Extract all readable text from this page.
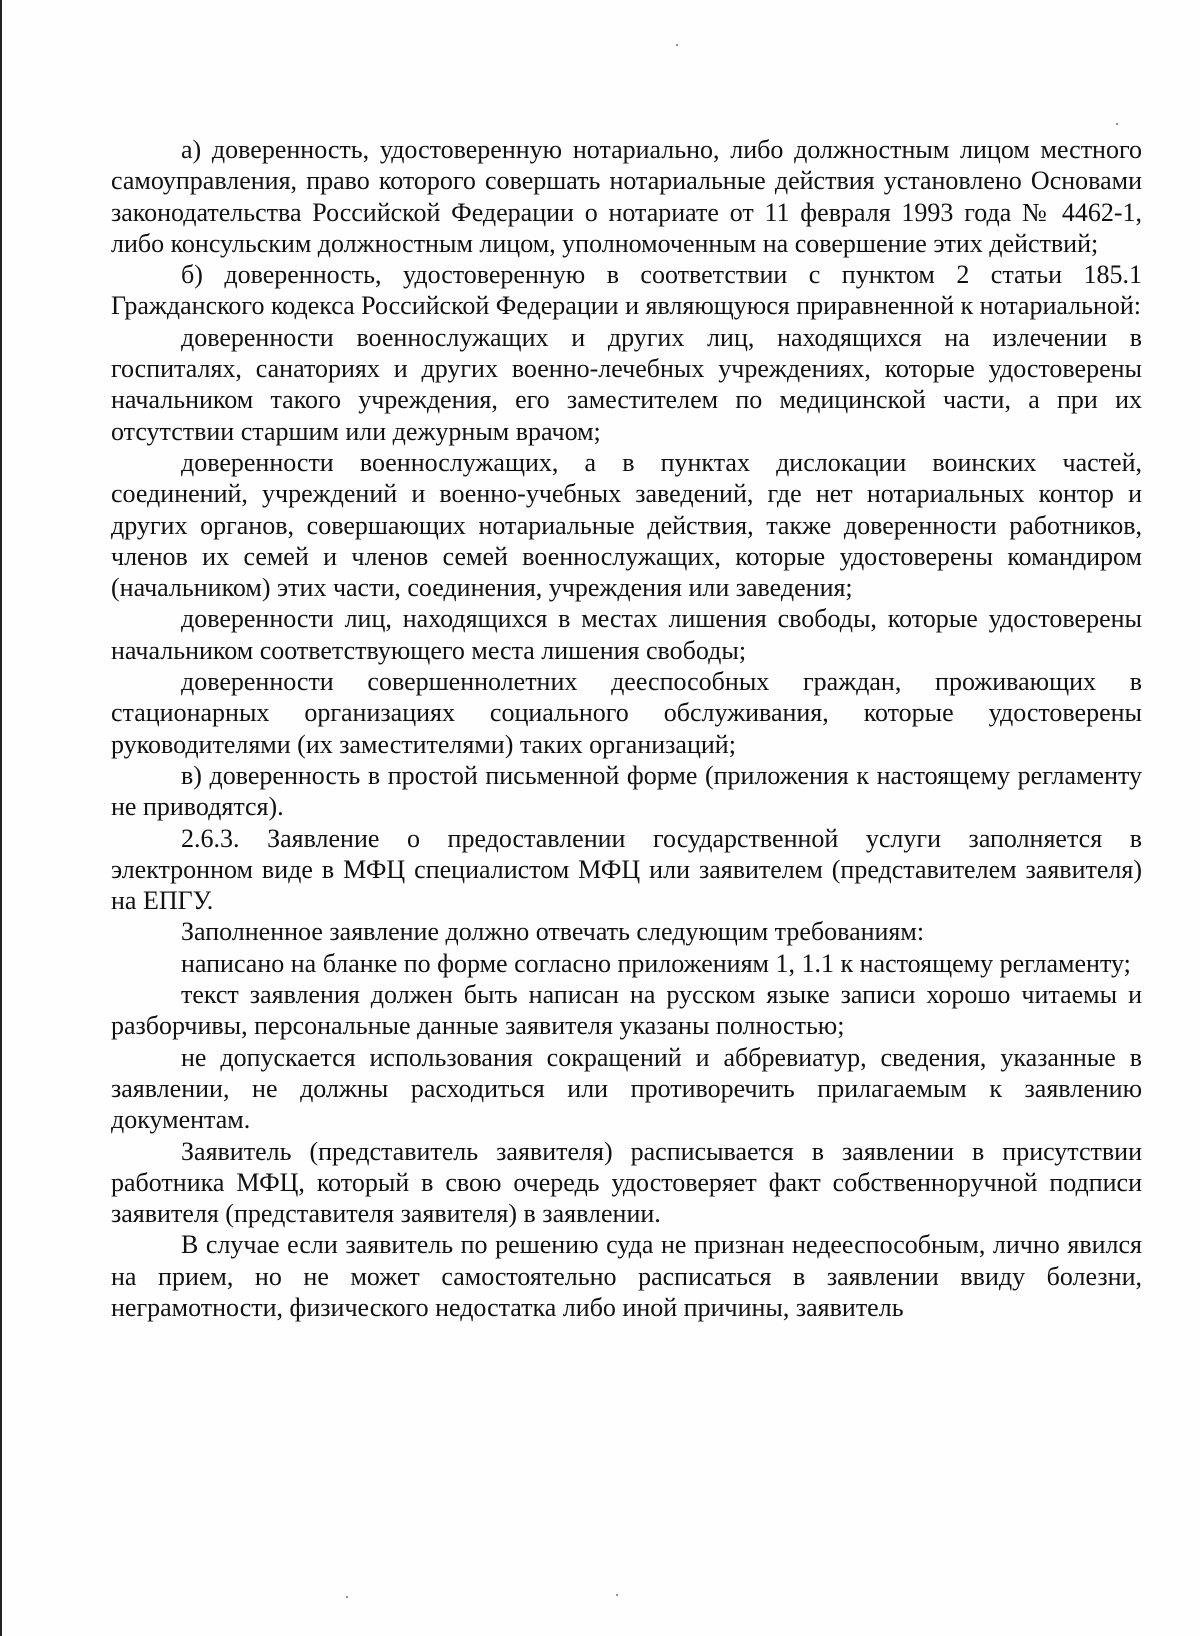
а) доверенность, удостоверенную нотариально, либо должностным лицом местного самоуправления, право которого совершать нотариальные действия установлено Основами законодательства Российской Федерации о нотариате от 11 февраля 1993 года № 4462-1, либо консульским должностным лицом, уполномоченным на совершение этих действий;

б) доверенность, удостоверенную в соответствии с пунктом 2 статьи 185.1 Гражданского кодекса Российской Федерации и являющуюся приравненной к нотариальной:

доверенности военнослужащих и других лиц, находящихся на излечении в госпиталях, санаториях и других военно-лечебных учреждениях, которые удостоверены начальником такого учреждения, его заместителем по медицинской части, а при их отсутствии старшим или дежурным врачом;

доверенности военнослужащих, а в пунктах дислокации воинских частей, соединений, учреждений и военно-учебных заведений, где нет нотариальных контор и других органов, совершающих нотариальные действия, также доверенности работников, членов их семей и членов семей военнослужащих, которые удостоверены командиром (начальником) этих части, соединения, учреждения или заведения;

доверенности лиц, находящихся в местах лишения свободы, которые удостоверены начальником соответствующего места лишения свободы;

доверенности совершеннолетних дееспособных граждан, проживающих в стационарных организациях социального обслуживания, которые удостоверены руководителями (их заместителями) таких организаций;

в) доверенность в простой письменной форме (приложения к настоящему регламенту не приводятся).

2.6.3. Заявление о предоставлении государственной услуги заполняется в электронном виде в МФЦ специалистом МФЦ или заявителем (представителем заявителя) на ЕПГУ.

Заполненное заявление должно отвечать следующим требованиям:

написано на бланке по форме согласно приложениям 1, 1.1 к настоящему регламенту;

текст заявления должен быть написан на русском языке записи хорошо читаемы и разборчивы, персональные данные заявителя указаны полностью;

не допускается использования сокращений и аббревиатур, сведения, указанные в заявлении, не должны расходиться или противоречить прилагаемым к заявлению документам.

Заявитель (представитель заявителя) расписывается в заявлении в присутствии работника МФЦ, который в свою очередь удостоверяет факт собственноручной подписи заявителя (представителя заявителя) в заявлении.

В случае если заявитель по решению суда не признан недееспособным, лично явился на прием, но не может самостоятельно расписаться в заявлении ввиду болезни, неграмотности, физического недостатка либо иной причины, заявитель
